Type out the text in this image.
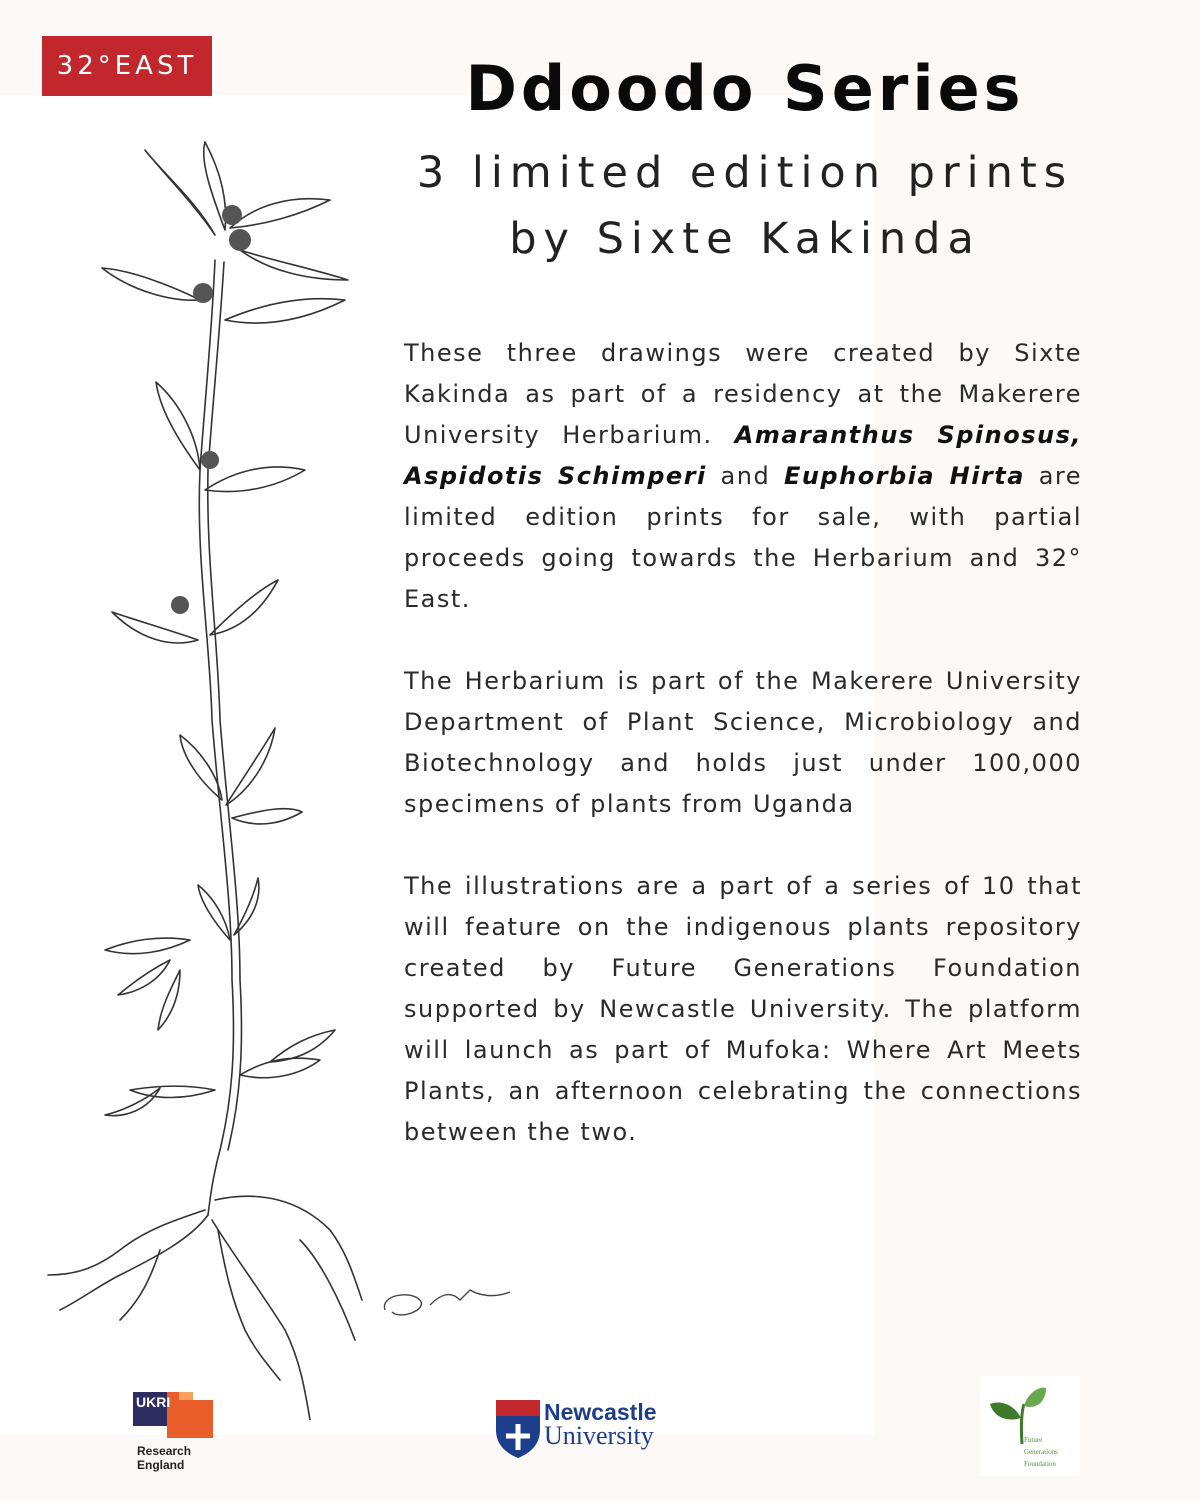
32°EAST	Ddoodo Series
3 limited edition prints
by Sixte Kakinda

These three drawings were created by Sixte Kakinda as part of a residency at the Makerere University Herbarium. Amaranthus Spinosus, Aspidotis Schimperi and Euphorbia Hirta are limited edition prints for sale, with partial proceeds going towards the Herbarium and 32° East.

The Herbarium is part of the Makerere University Department of Plant Science, Microbiology and Biotechnology and holds just under 100,000 specimens of plants from Uganda

The illustrations are a part of a series of 10 that will feature on the indigenous plants repository created by Future Generations Foundation supported by Newcastle University. The platform will launch as part of Mufoka: Where Art Meets Plants, an afternoon celebrating the connections between the two.

UKRI
Research
England
Newcastle
University	Future
Generations
Foundation
